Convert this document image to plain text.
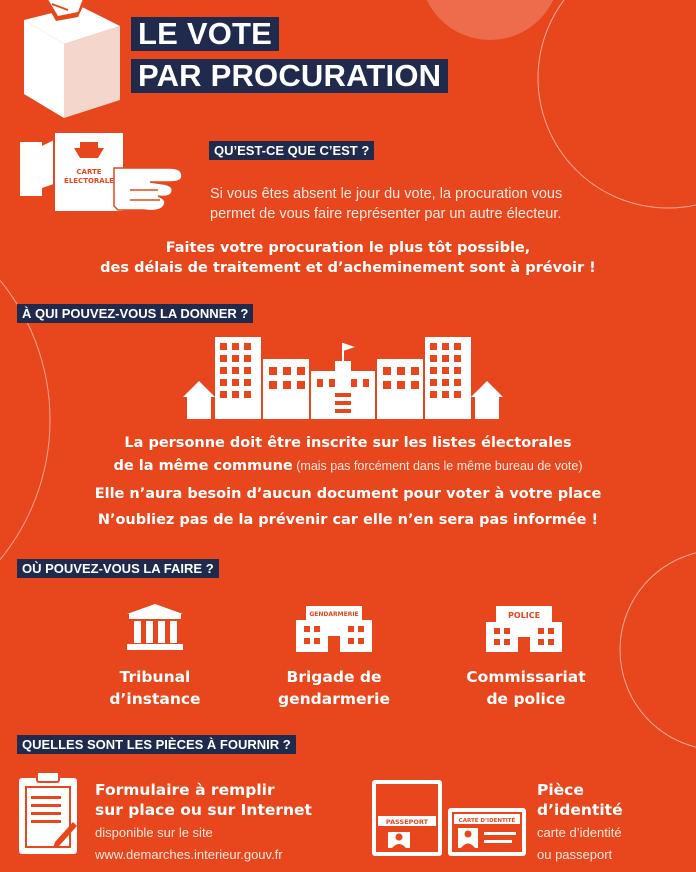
LE VOTE
PAR PROCURATION
CARTE
ÉLECTORALE
QU’EST-CE QUE C’EST ?
Si vous êtes absent le jour du vote, la procuration vous
permet de vous faire représenter par un autre électeur.
Faites votre procuration le plus tôt possible,
des délais de traitement et d’acheminement sont à prévoir !
À QUI POUVEZ-VOUS LA DONNER ?
La personne doit être inscrite sur les listes électorales
de la même commune (mais pas forcément dans le même bureau de vote)
Elle n’aura besoin d’aucun document pour voter à votre place
N’oubliez pas de la prévenir car elle n’en sera pas informée !
OÙ POUVEZ-VOUS LA FAIRE ?
GENDARMERIE	POLICE
Tribunal
d’instance
Brigade de
gendarmerie
Commissariat
de police
QUELLES SONT LES PIÈCES À FOURNIR ?
Formulaire à remplir
sur place ou sur Internet
disponible sur le site
www.demarches.interieur.gouv.fr
PASSEPORT	CARTE D’IDENTITÉ
Pièce
d’identité
carte d’identité
ou passeport
